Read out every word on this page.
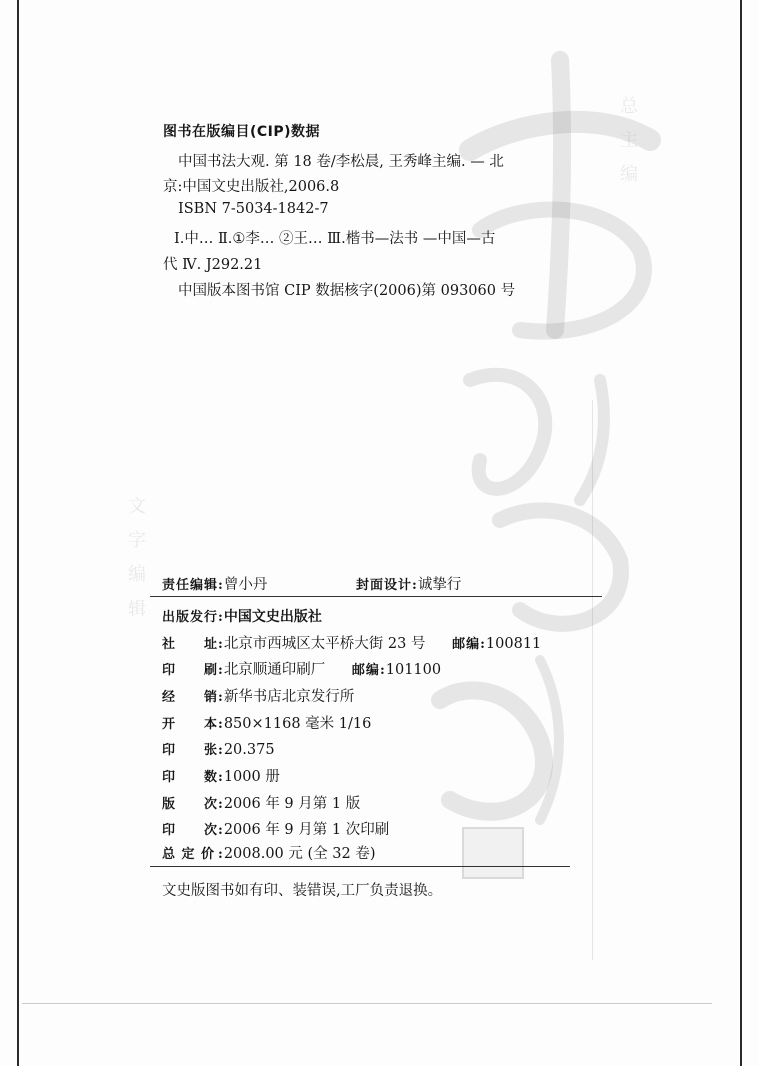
总 主 编
文 字 编 辑
图书在版编目(CIP)数据
中国书法大观. 第 18 卷/李松晨, 王秀峰主编. — 北
京:中国文史出版社,2006.8
ISBN 7-5034-1842-7
Ⅰ.中… Ⅱ.①李… ②王… Ⅲ.楷书—法书 —中国—古
代 Ⅳ. J292.21
中国版本图书馆 CIP 数据核字(2006)第 093060 号
责任编辑:曾小丹	封面设计:诚挚行
出版发行:中国文史出版社
社 址 :北京市西城区太平桥大街 23 号 邮编:100811
印 刷 :北京顺通印刷厂 邮编:101100
经 销 :新华书店北京发行所
开 本 :850×1168 毫米 1/16
印 张 :20.375
印 数 :1000 册
版 次 :2006 年 9 月第 1 版
印 次 :2006 年 9 月第 1 次印刷
总 定 价 :2008.00 元 (全 32 卷)
文史版图书如有印、装错误,工厂负责退换。
